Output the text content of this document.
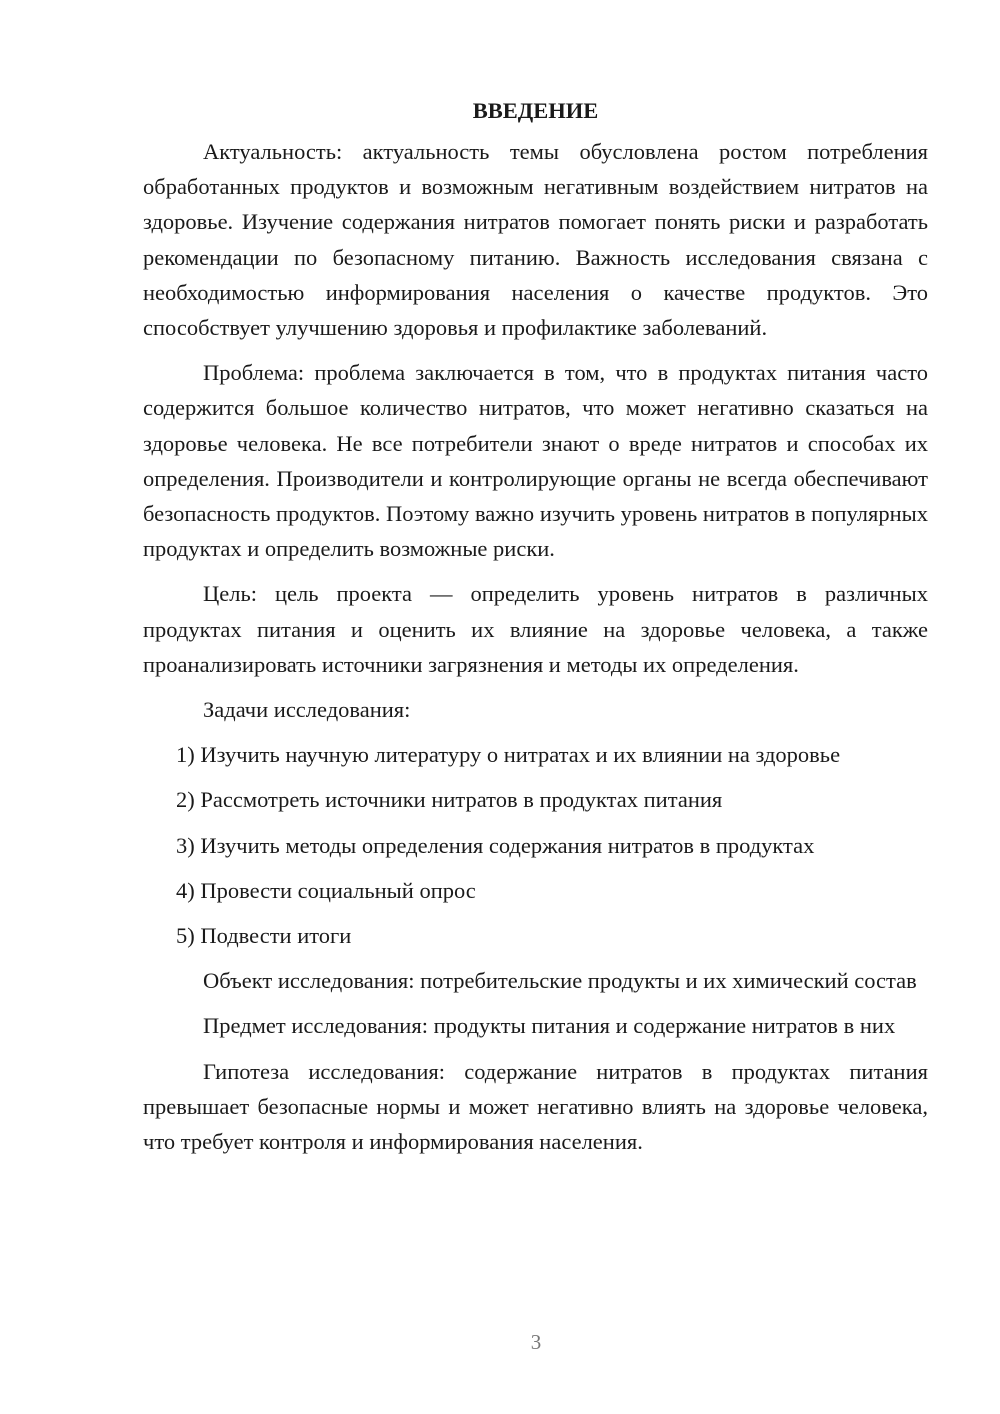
ВВЕДЕНИЕ

Актуальность: актуальность темы обусловлена ростом потребления обработанных продуктов и возможным негативным воздействием нитратов на здоровье. Изучение содержания нитратов помогает понять риски и разработать рекомендации по безопасному питанию. Важность исследования связана с необходимостью информирования населения о качестве продуктов. Это способствует улучшению здоровья и профилактике заболеваний.

Проблема: проблема заключается в том, что в продуктах питания часто содержится большое количество нитратов, что может негативно сказаться на здоровье человека. Не все потребители знают о вреде нитратов и способах их определения. Производители и контролирующие органы не всегда обеспечивают безопасность продуктов. Поэтому важно изучить уровень нитратов в популярных продуктах и определить возможные риски.

Цель: цель проекта — определить уровень нитратов в различных продуктах питания и оценить их влияние на здоровье человека, а также проанализировать источники загрязнения и методы их определения.

Задачи исследования:
1) Изучить научную литературу о нитратах и их влиянии на здоровье
2) Рассмотреть источники нитратов в продуктах питания
3) Изучить методы определения содержания нитратов в продуктах
4) Провести социальный опрос
5) Подвести итоги

Объект исследования: потребительские продукты и их химический состав

Предмет исследования: продукты питания и содержание нитратов в них

Гипотеза исследования: содержание нитратов в продуктах питания превышает безопасные нормы и может негативно влиять на здоровье человека, что требует контроля и информирования населения.

3
